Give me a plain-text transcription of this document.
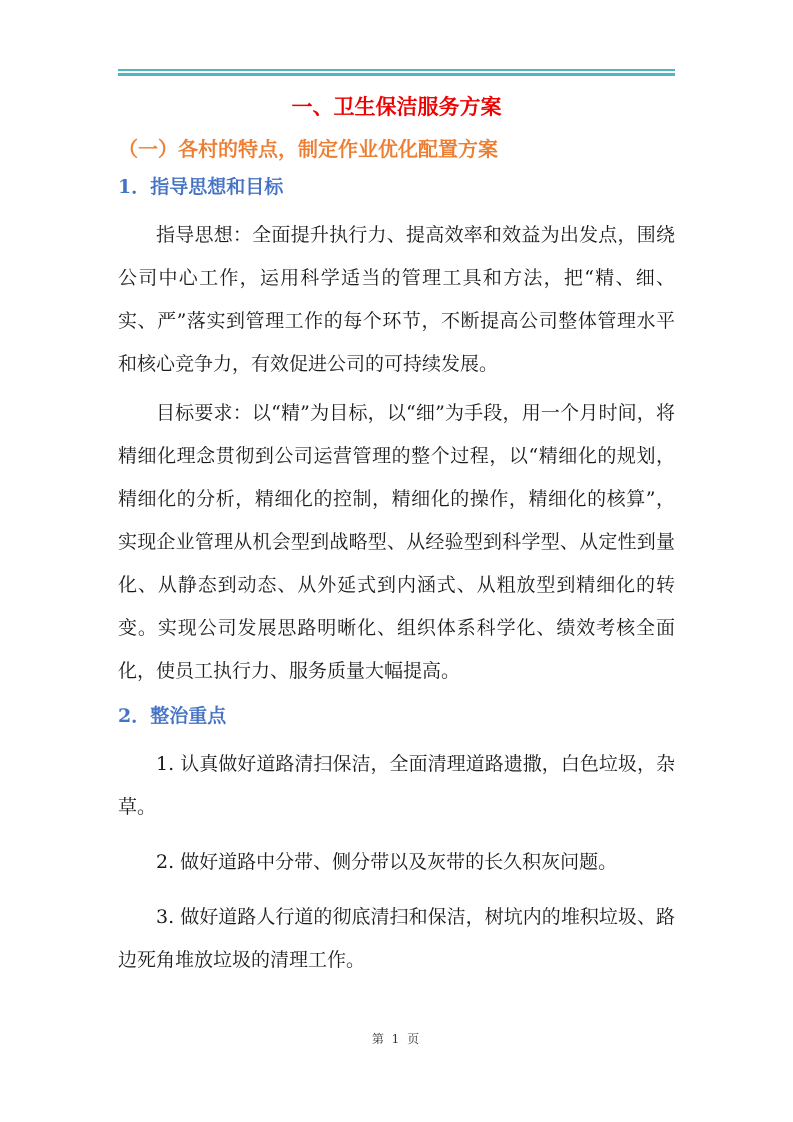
一、卫生保洁服务方案
（一）各村的特点，制定作业优化配置方案
1．指导思想和目标

指导思想：全面提升执行力、提高效率和效益为出发点，围绕公司中心工作，运用科学适当的管理工具和方法，把“精、细、实、严”落实到管理工作的每个环节，不断提高公司整体管理水平和核心竞争力，有效促进公司的可持续发展。

目标要求：以“精”为目标，以“细”为手段，用一个月时间，将精细化理念贯彻到公司运营管理的整个过程，以“精细化的规划，精细化的分析，精细化的控制，精细化的操作，精细化的核算”，实现企业管理从机会型到战略型、从经验型到科学型、从定性到量化、从静态到动态、从外延式到内涵式、从粗放型到精细化的转变。实现公司发展思路明晰化、组织体系科学化、绩效考核全面化，使员工执行力、服务质量大幅提高。

2．整治重点

1. 认真做好道路清扫保洁，全面清理道路遗撒，白色垃圾，杂草。

2. 做好道路中分带、侧分带以及灰带的长久积灰问题。

3. 做好道路人行道的彻底清扫和保洁，树坑内的堆积垃圾、路边死角堆放垃圾的清理工作。

第 1 页
